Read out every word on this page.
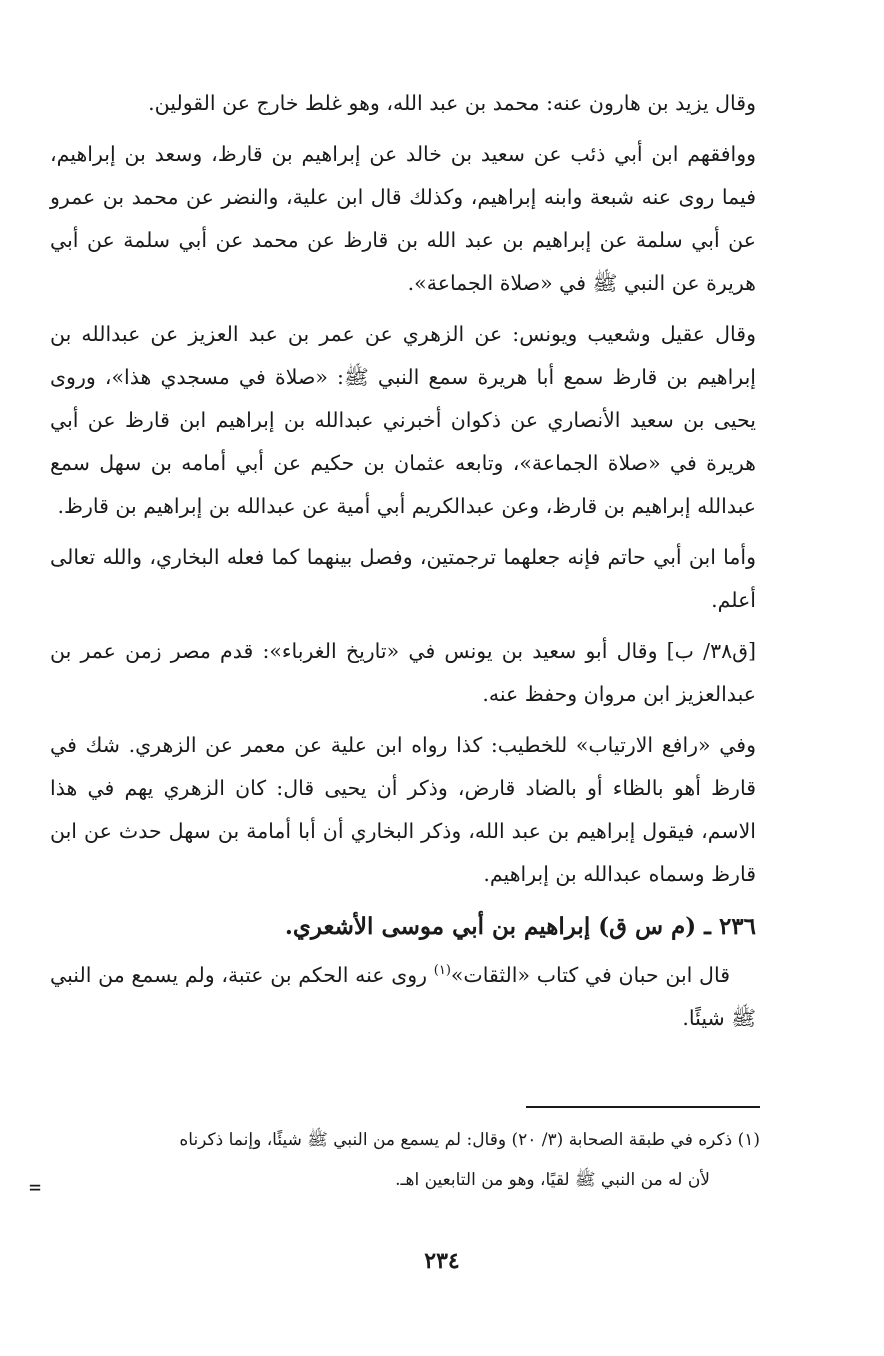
وقال يزيد بن هارون عنه: محمد بن عبد الله، وهو غلط خارج عن القولين.

ووافقهم ابن أبي ذئب عن سعيد بن خالد عن إبراهيم بن قارظ، وسعد بن إبراهيم، فيما روى عنه شبعة وابنه إبراهيم، وكذلك قال ابن علية، والنضر عن محمد بن عمرو عن أبي سلمة عن إبراهيم بن عبد الله بن قارظ عن محمد عن أبي سلمة عن أبي هريرة عن النبي ﷺ في «صلاة الجماعة».

وقال عقيل وشعيب ويونس: عن الزهري عن عمر بن عبد العزيز عن عبدالله بن إبراهيم بن قارظ سمع أبا هريرة سمع النبي ﷺ: «صلاة في مسجدي هذا»، وروى يحيى بن سعيد الأنصاري عن ذكوان أخبرني عبدالله بن إبراهيم ابن قارظ عن أبي هريرة في «صلاة الجماعة»، وتابعه عثمان بن حكيم عن أبي أمامه بن سهل سمع عبدالله إبراهيم بن قارظ، وعن عبدالكريم أبي أمية عن عبدالله بن إبراهيم بن قارظ.

وأما ابن أبي حاتم فإنه جعلهما ترجمتين، وفصل بينهما كما فعله البخاري، والله تعالى أعلم.

[ق٣٨/ ب] وقال أبو سعيد بن يونس في «تاريخ الغرباء»: قدم مصر زمن عمر بن عبدالعزيز ابن مروان وحفظ عنه.

وفي «رافع الارتياب» للخطيب: كذا رواه ابن علية عن معمر عن الزهري. شك في قارظ أهو بالظاء أو بالضاد قارض، وذكر أن يحيى قال: كان الزهري يهم في هذا الاسم، فيقول إبراهيم بن عبد الله، وذكر البخاري أن أبا أمامة بن سهل حدث عن ابن قارظ وسماه عبدالله بن إبراهيم.

٢٣٦ ـ (م س ق) إبراهيم بن أبي موسى الأشعري.

قال ابن حبان في كتاب «الثقات»$^{(١)}$ روى عنه الحكم بن عتبة، ولم يسمع من النبي ﷺ شيئًا.

(١) ذكره في طبقة الصحابة (٣/ ٢٠) وقال: لم يسمع من النبي ﷺ شيئًا، وإنما ذكرناه

لأن له من النبي ﷺ لقيًا، وهو من التابعين اهـ.

=
٢٣٤
